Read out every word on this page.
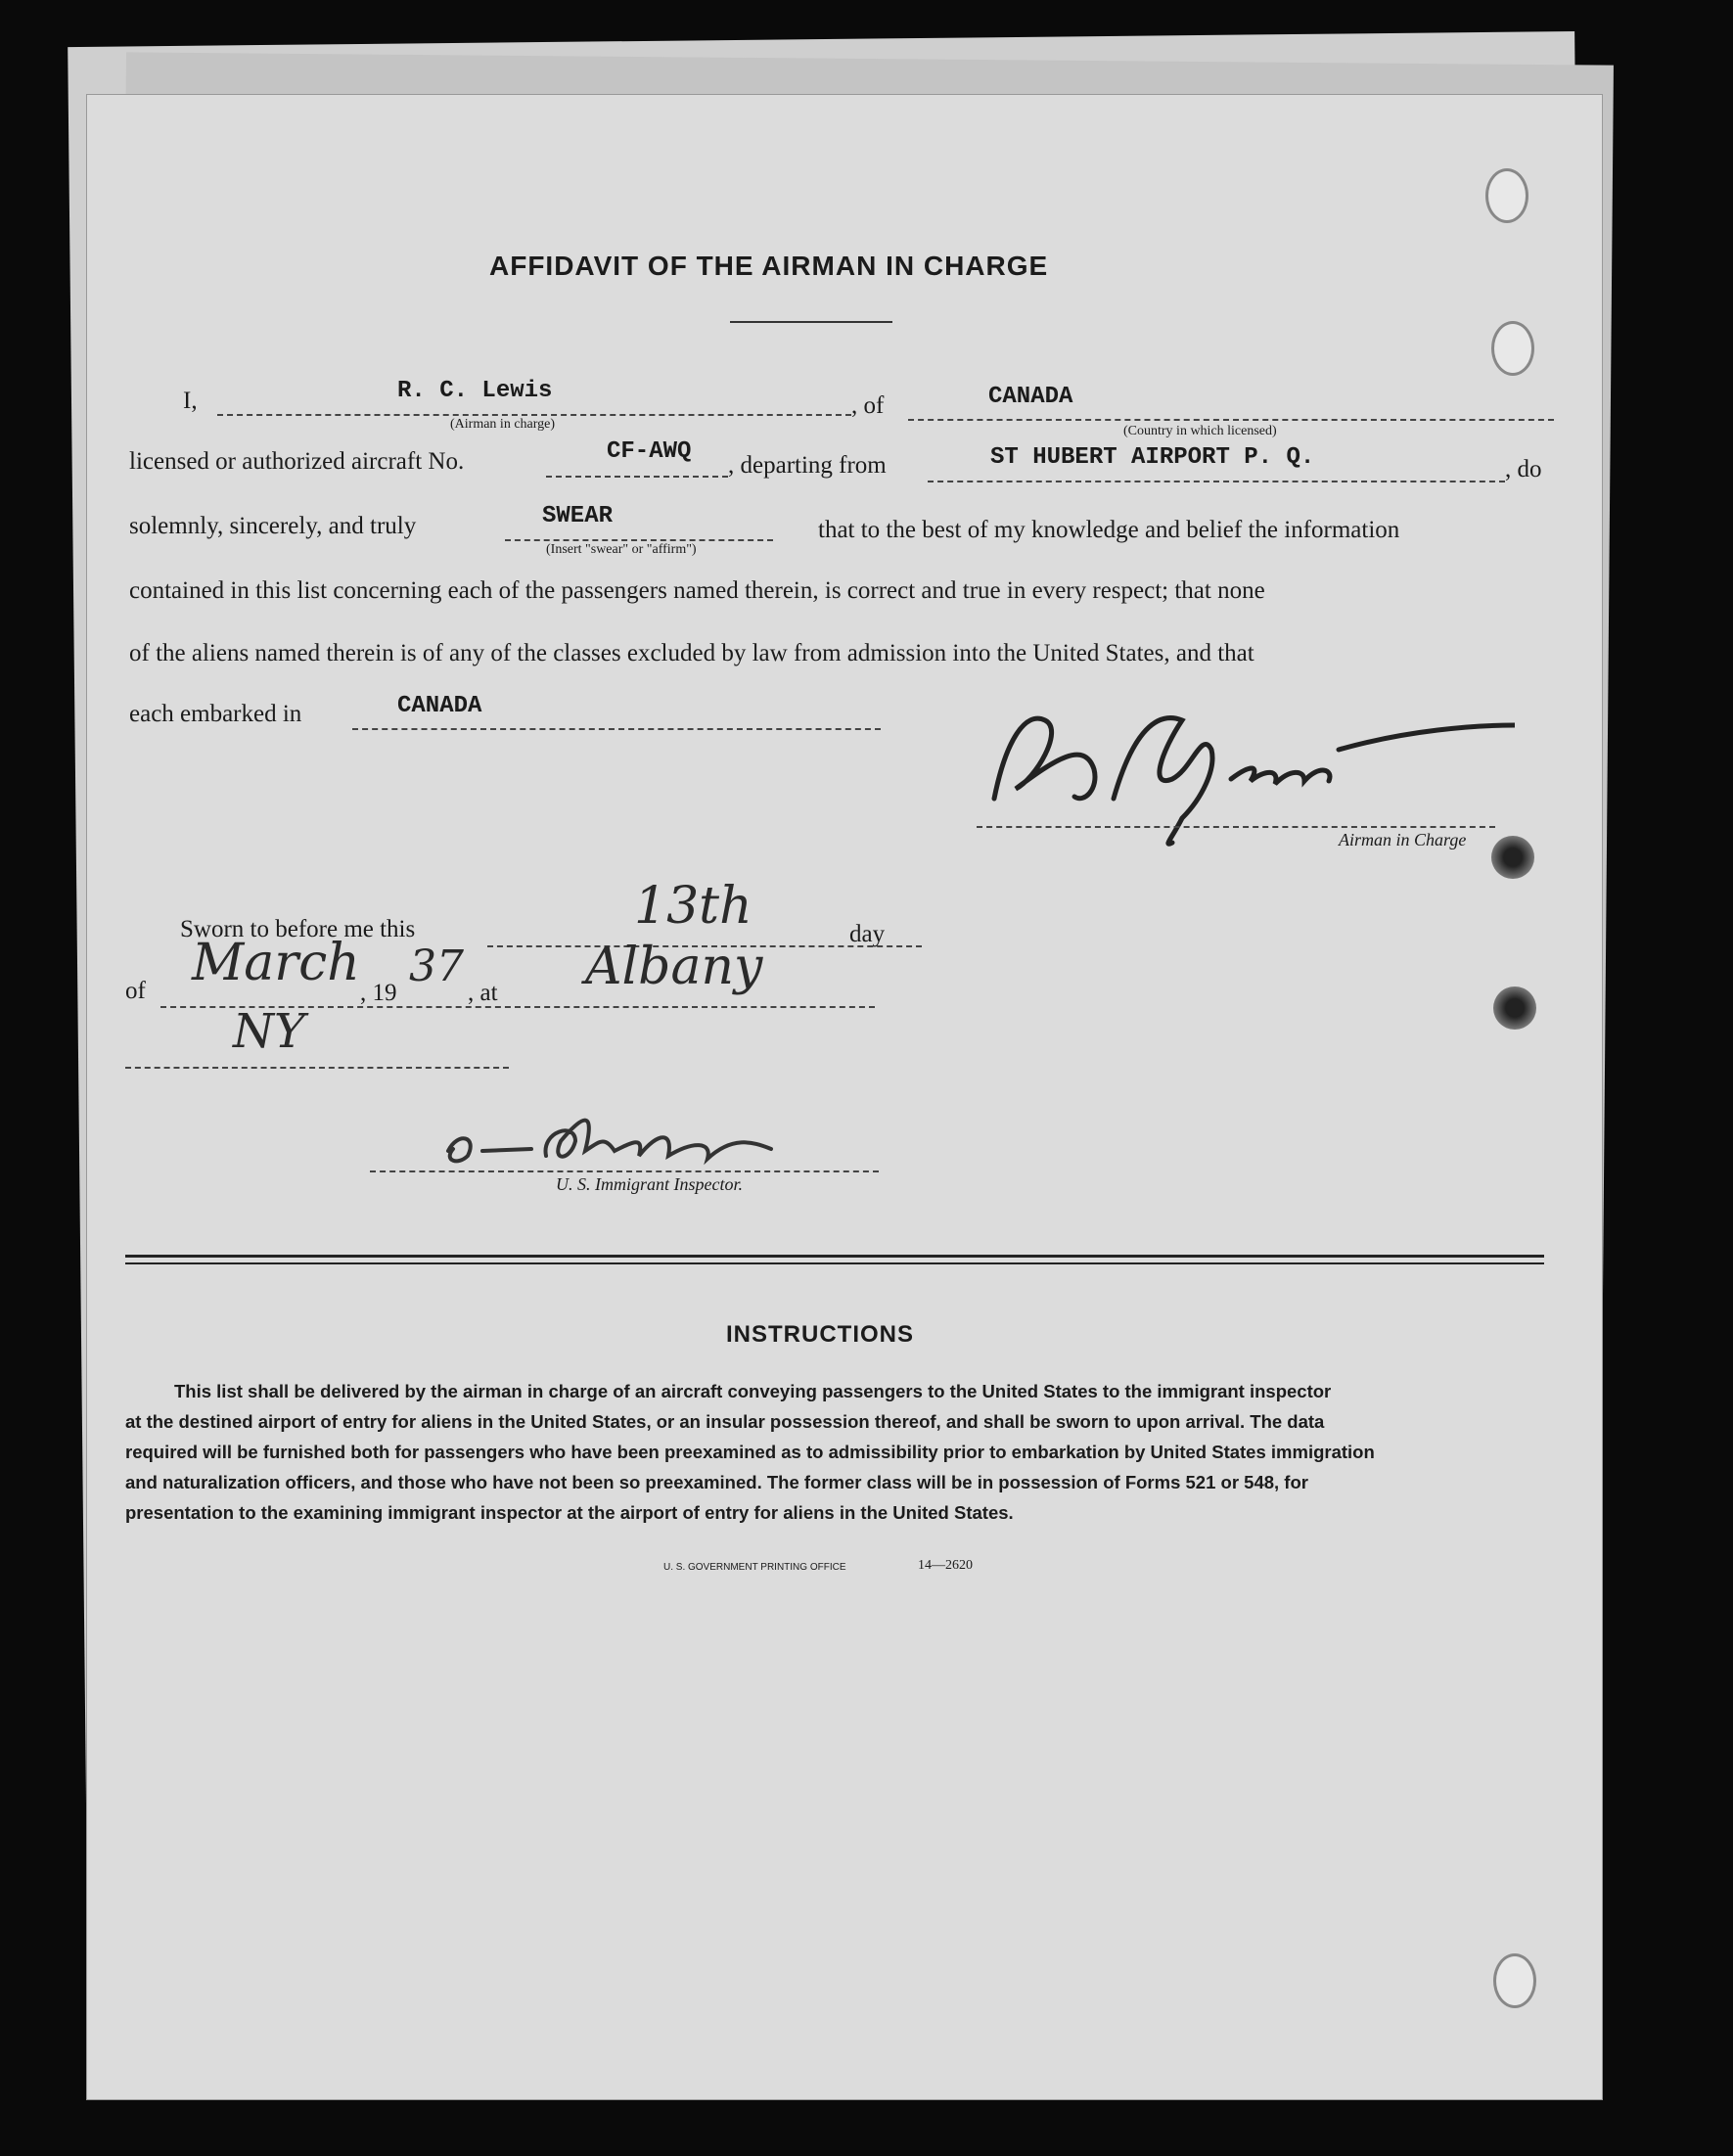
AFFIDAVIT OF THE AIRMAN IN CHARGE
I,	R. C. Lewis
(Airman in charge)
, of	CANADA
(Country in which licensed)
licensed or authorized aircraft No.	CF-AWQ
, departing from	ST HUBERT AIRPORT P. Q.	, do
solemnly, sincerely, and truly	SWEAR
(Insert "swear" or "affirm")
that to the best of my knowledge and belief the information
contained in this list concerning each of the passengers named therein, is correct and true in every respect; that none
of the aliens named therein is of any of the classes excluded by law from admission into the United States, and that
each embarked in	CANADA
Airman in Charge
Sworn to before me this	13th	day
of March
, 19
37
, at Albany
NY
U. S. Immigrant Inspector.
INSTRUCTIONS
This list shall be delivered by the airman in charge of an aircraft conveying passengers to the United States to the immigrant inspector
at the destined airport of entry for aliens in the United States, or an insular possession thereof, and shall be sworn to upon arrival. The data
required will be furnished both for passengers who have been preexamined as to admissibility prior to embarkation by United States immigration
and naturalization officers, and those who have not been so preexamined. The former class will be in possession of Forms 521 or 548, for
presentation to the examining immigrant inspector at the airport of entry for aliens in the United States.
U. S. GOVERNMENT PRINTING OFFICE	14—2620
